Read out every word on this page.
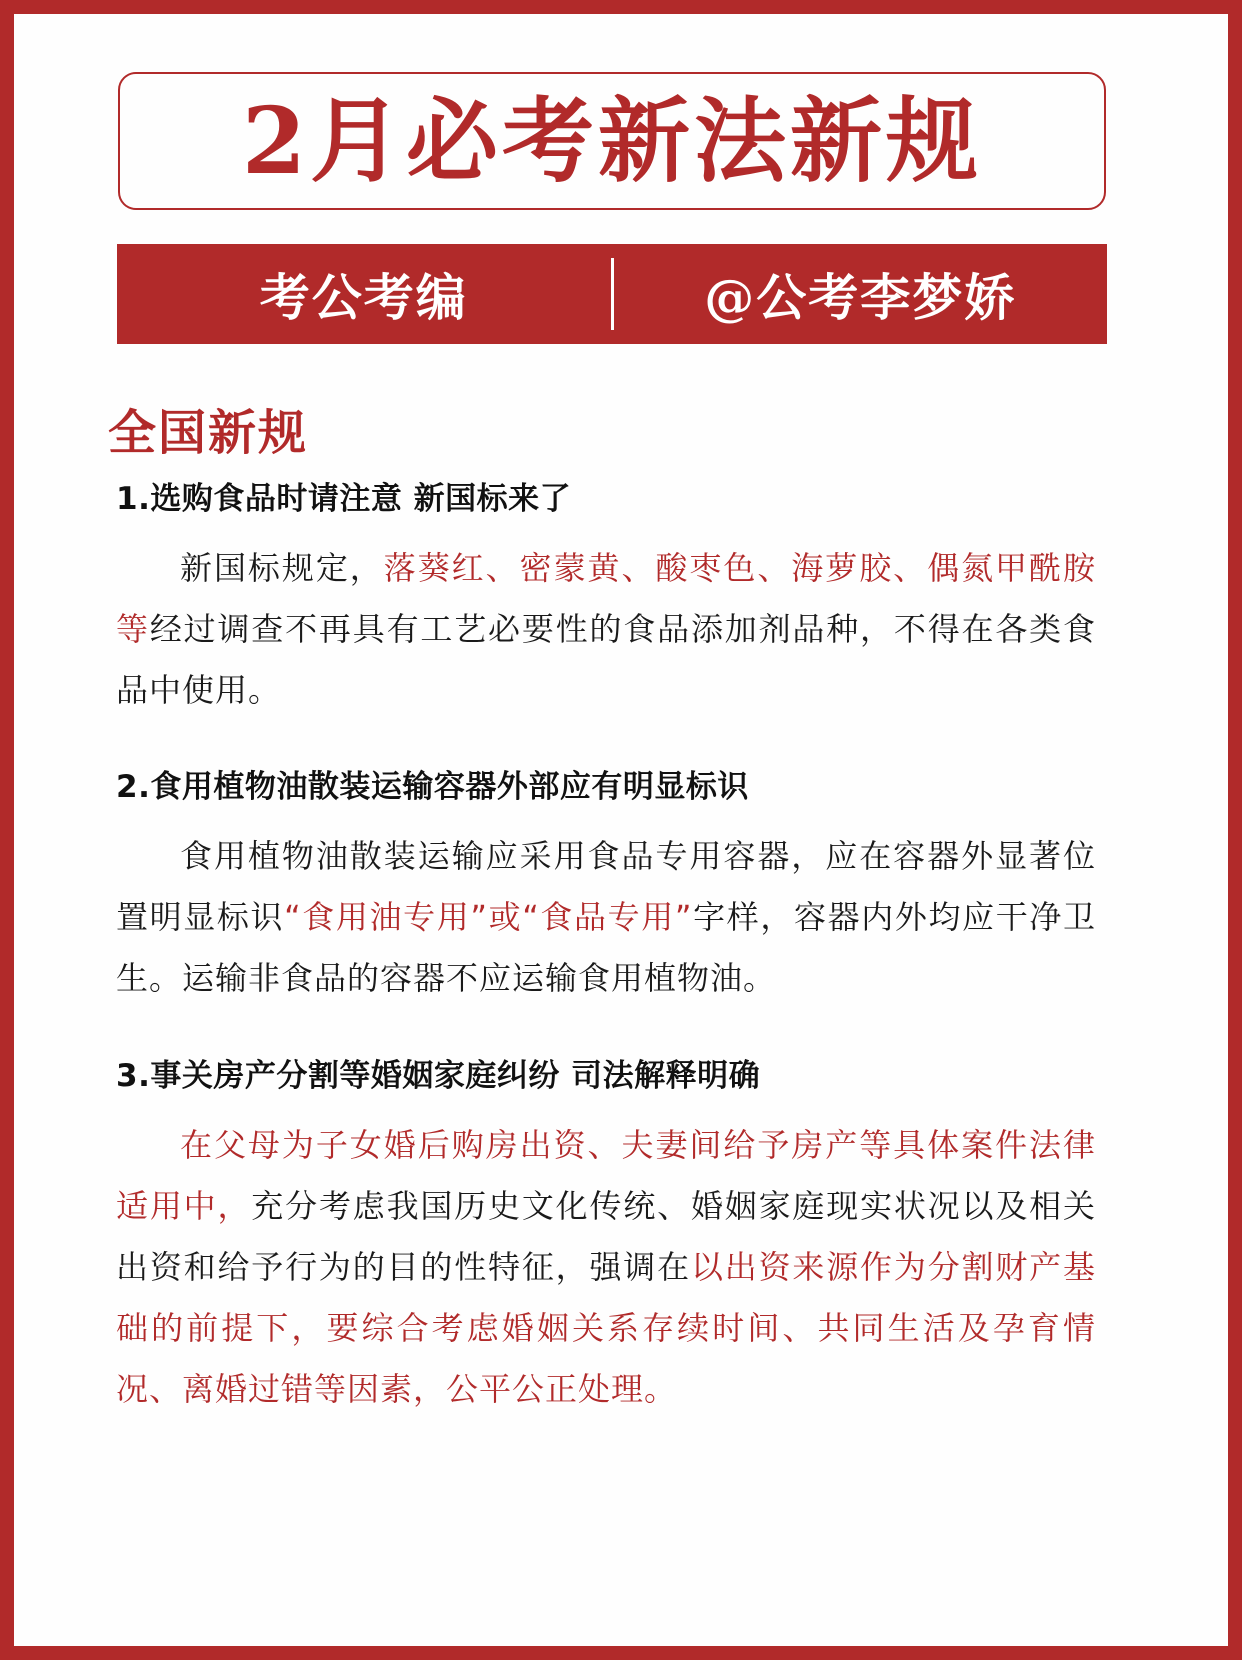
2月必考新法新规
考公考编	@公考李梦娇
全国新规
1.选购食品时请注意 新国标来了
新国标规定，落葵红、密蒙黄、酸枣色、海萝胶、偶氮甲酰胺等经过调查不再具有工艺必要性的食品添加剂品种，不得在各类食品中使用。
2.食用植物油散装运输容器外部应有明显标识
食用植物油散装运输应采用食品专用容器，应在容器外显著位置明显标识“食用油专用”或“食品专用”字样，容器内外均应干净卫生。运输非食品的容器不应运输食用植物油。
3.事关房产分割等婚姻家庭纠纷 司法解释明确
在父母为子女婚后购房出资、夫妻间给予房产等具体案件法律适用中，充分考虑我国历史文化传统、婚姻家庭现实状况以及相关出资和给予行为的目的性特征，强调在以出资来源作为分割财产基础的前提下，要综合考虑婚姻关系存续时间、共同生活及孕育情况、离婚过错等因素，公平公正处理。
